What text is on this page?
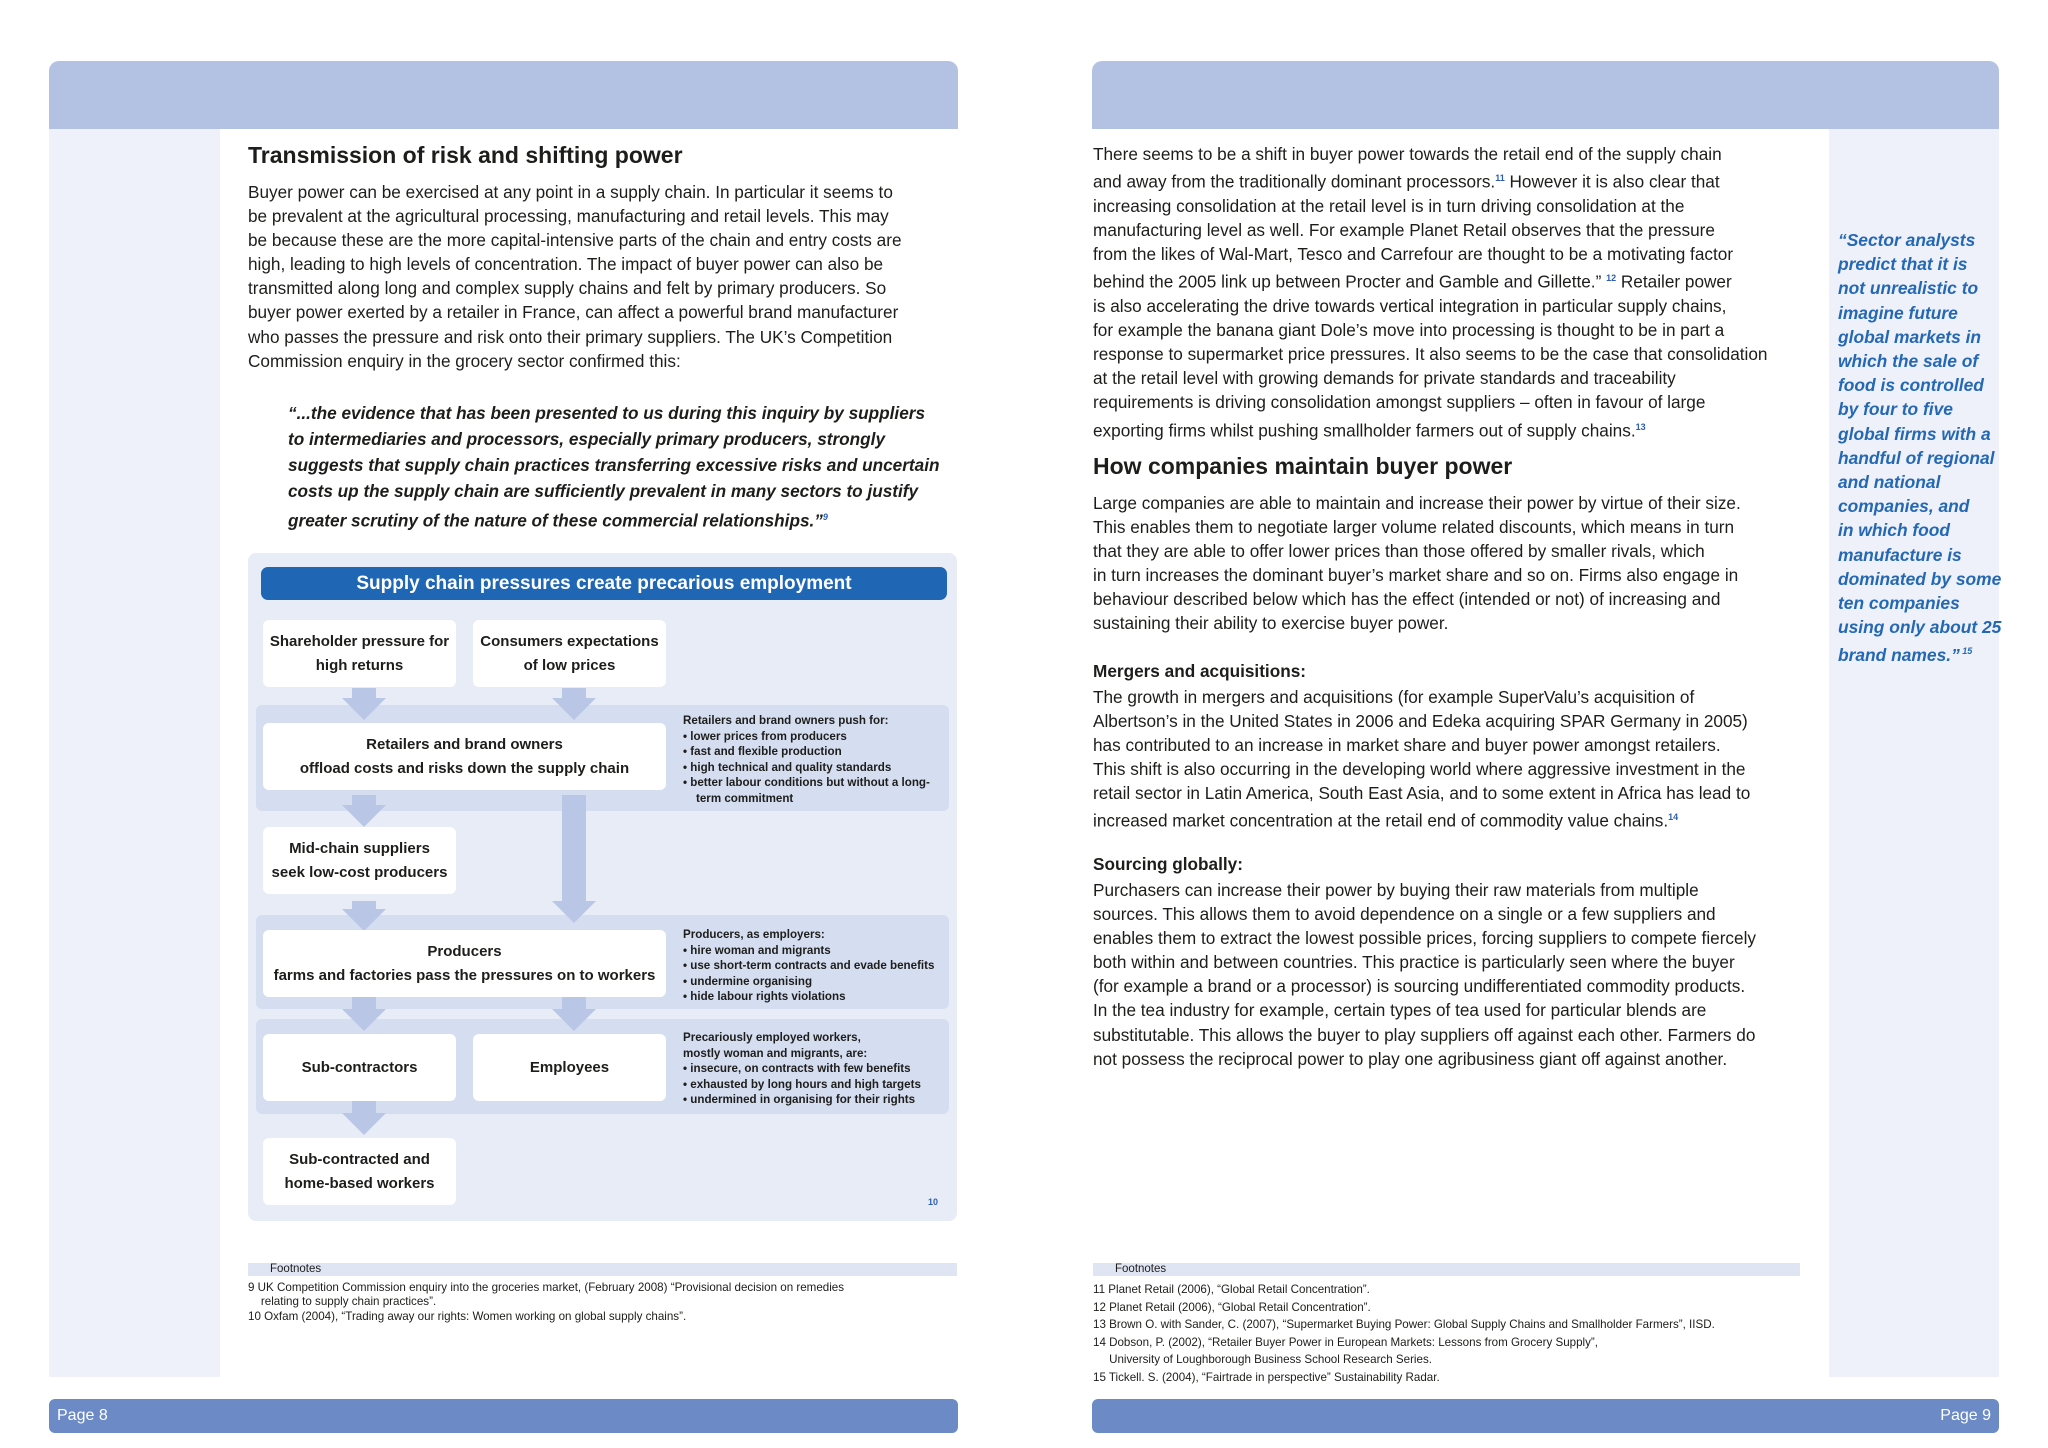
Transmission of risk and shifting power
Buyer power can be exercised at any point in a supply chain. In particular it seems to
be prevalent at the agricultural processing, manufacturing and retail levels. This may
be because these are the more capital-intensive parts of the chain and entry costs are
high, leading to high levels of concentration. The impact of buyer power can also be
transmitted along long and complex supply chains and felt by primary producers. So
buyer power exerted by a retailer in France, can affect a powerful brand manufacturer
who passes the pressure and risk onto their primary suppliers. The UK’s Competition
Commission enquiry in the grocery sector confirmed this:
“...the evidence that has been presented to us during this inquiry by suppliers
to intermediaries and processors, especially primary producers, strongly
suggests that supply chain practices transferring excessive risks and uncertain
costs up the supply chain are sufficiently prevalent in many sectors to justify
greater scrutiny of the nature of these commercial relationships.”$^9$
Supply chain pressures create precarious employment
Shareholder pressure for
high returns
Consumers expectations
of low prices
Retailers and brand owners
offload costs and risks down the supply chain
Mid-chain suppliers
seek low-cost producers
Producers
farms and factories pass the pressures on to workers
Sub-contractors	Employees
Sub-contracted and
home-based workers
Retailers and brand owners push for:
• lower prices from producers
• fast and flexible production
• high technical and quality standards
• better labour conditions but without a long-term commitment
Producers, as employers:
• hire woman and migrants
• use short-term contracts and evade benefits
• undermine organising
• hide labour rights violations
Precariously employed workers,
mostly woman and migrants, are:
• insecure, on contracts with few benefits
• exhausted by long hours and high targets
• undermined in organising for their rights
10
Footnotes
9 UK Competition Commission enquiry into the groceries market, (February 2008) “Provisional decision on remedies
relating to supply chain practices”.
10 Oxfam (2004), “Trading away our rights: Women working on global supply chains”.
Page 8
There seems to be a shift in buyer power towards the retail end of the supply chain
and away from the traditionally dominant processors.$^{11}$ However it is also clear that
increasing consolidation at the retail level is in turn driving consolidation at the
manufacturing level as well. For example Planet Retail observes that the pressure
from the likes of Wal-Mart, Tesco and Carrefour are thought to be a motivating factor
behind the 2005 link up between Procter and Gamble and Gillette.” $^{12}$ Retailer power
is also accelerating the drive towards vertical integration in particular supply chains,
for example the banana giant Dole’s move into processing is thought to be in part a
response to supermarket price pressures. It also seems to be the case that consolidation
at the retail level with growing demands for private standards and traceability
requirements is driving consolidation amongst suppliers – often in favour of large
exporting firms whilst pushing smallholder farmers out of supply chains.$^{13}$
How companies maintain buyer power
Large companies are able to maintain and increase their power by virtue of their size.
This enables them to negotiate larger volume related discounts, which means in turn
that they are able to offer lower prices than those offered by smaller rivals, which
in turn increases the dominant buyer’s market share and so on. Firms also engage in
behaviour described below which has the effect (intended or not) of increasing and
sustaining their ability to exercise buyer power.
Mergers and acquisitions:
The growth in mergers and acquisitions (for example SuperValu’s acquisition of
Albertson’s in the United States in 2006 and Edeka acquiring SPAR Germany in 2005)
has contributed to an increase in market share and buyer power amongst retailers.
This shift is also occurring in the developing world where aggressive investment in the
retail sector in Latin America, South East Asia, and to some extent in Africa has lead to
increased market concentration at the retail end of commodity value chains.$^{14}$
Sourcing globally:
Purchasers can increase their power by buying their raw materials from multiple
sources. This allows them to avoid dependence on a single or a few suppliers and
enables them to extract the lowest possible prices, forcing suppliers to compete fiercely
both within and between countries. This practice is particularly seen where the buyer
(for example a brand or a processor) is sourcing undifferentiated commodity products.
In the tea industry for example, certain types of tea used for particular blends are
substitutable. This allows the buyer to play suppliers off against each other. Farmers do
not possess the reciprocal power to play one agribusiness giant off against another.
“Sector analysts
predict that it is
not unrealistic to
imagine future
global markets in
which the sale of
food is controlled
by four to five
global firms with a
handful of regional
and national
companies, and
in which food
manufacture is
dominated by some
ten companies
using only about 25
brand names.” $^{15}$
Footnotes
11 Planet Retail (2006), “Global Retail Concentration”.
12 Planet Retail (2006), “Global Retail Concentration”.
13 Brown O. with Sander, C. (2007), “Supermarket Buying Power: Global Supply Chains and Smallholder Farmers”, IISD.
14 Dobson, P. (2002), “Retailer Buyer Power in European Markets: Lessons from Grocery Supply”,
University of Loughborough Business School Research Series.
15 Tickell. S. (2004), “Fairtrade in perspective” Sustainability Radar.
Page 9
